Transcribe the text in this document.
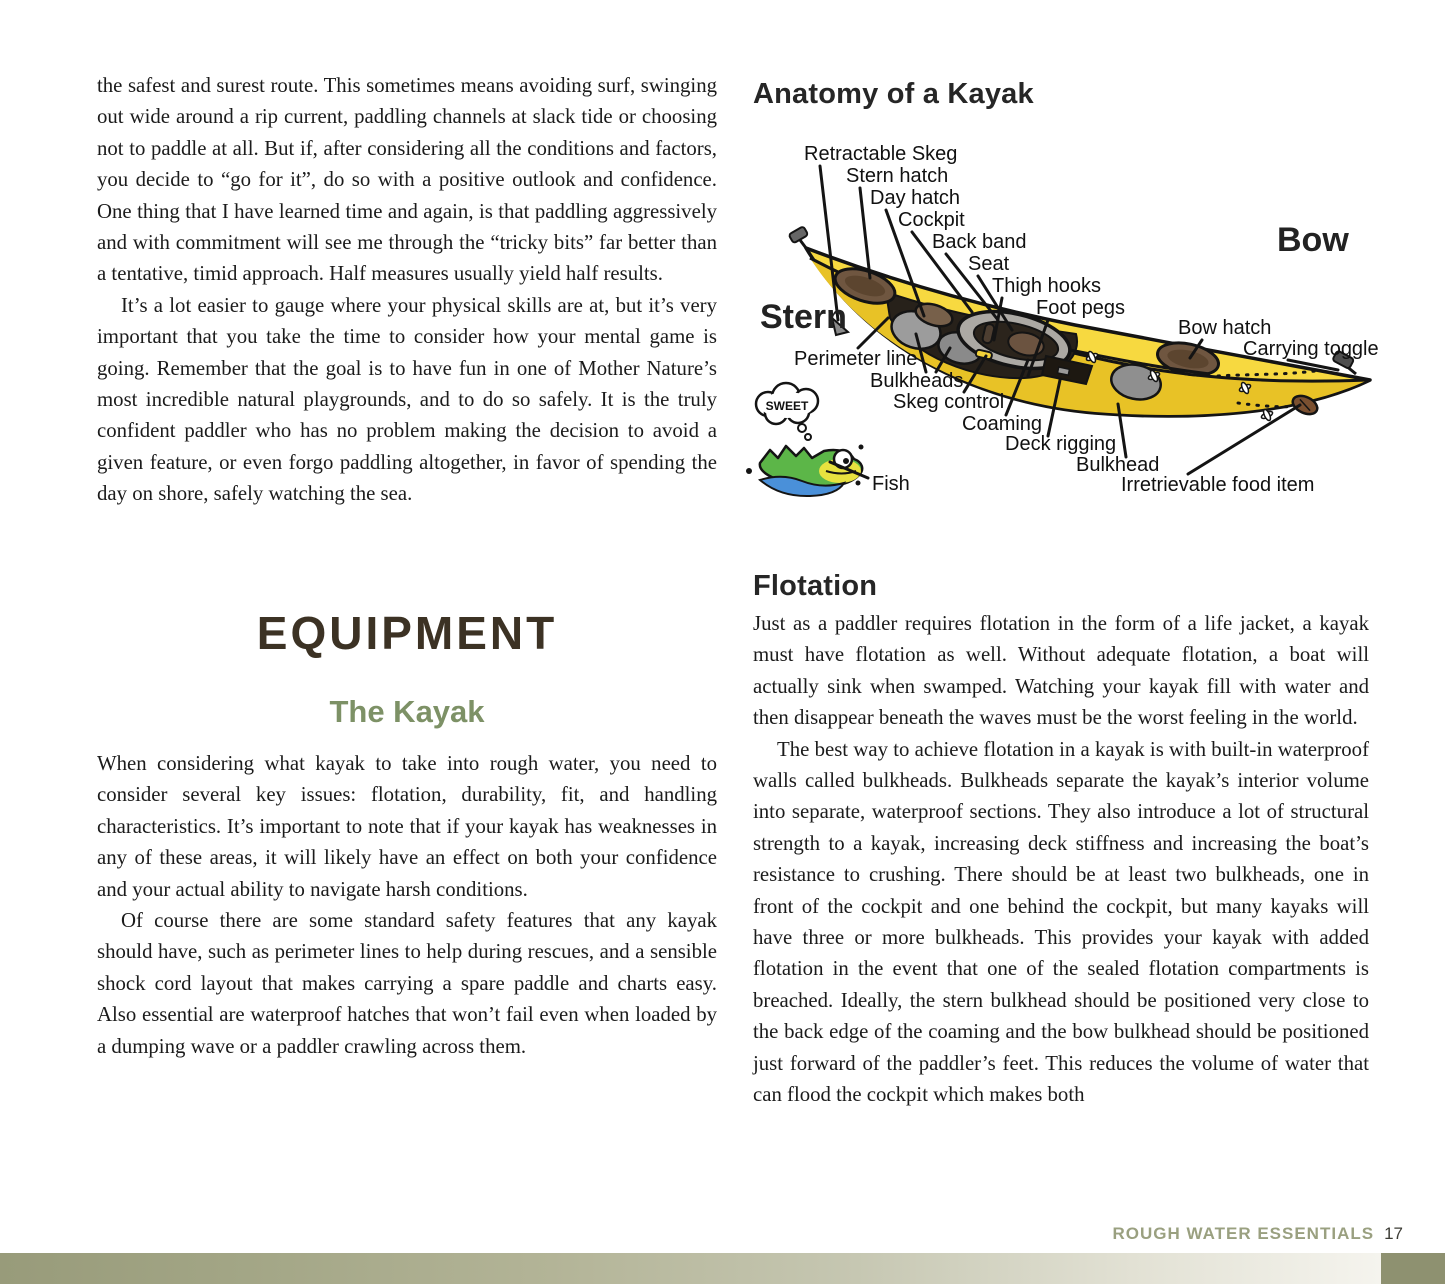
the safest and surest route. This sometimes means avoiding surf, swinging out wide around a rip current, paddling channels at slack tide or choosing not to paddle at all. But if, after considering all the conditions and factors, you decide to “go for it”, do so with a positive outlook and confidence. One thing that I have learned time and again, is that paddling aggressively and with commitment will see me through the “tricky bits” far better than a tentative, timid approach. Half measures usually yield half results.

It’s a lot easier to gauge where your physical skills are at, but it’s very important that you take the time to consider how your mental game is going. Remember that the goal is to have fun in one of Mother Nature’s most incredible natural playgrounds, and to do so safely. It is the truly confident paddler who has no problem making the decision to avoid a given feature, or even forgo paddling altogether, in favor of spending the day on shore, safely watching the sea.

EQUIPMENT
The Kayak

When considering what kayak to take into rough water, you need to consider several key issues: flotation, durability, fit, and handling characteristics. It’s important to note that if your kayak has weaknesses in any of these areas, it will likely have an effect on both your confidence and your actual ability to navigate harsh conditions.

Of course there are some standard safety features that any kayak should have, such as perimeter lines to help during rescues, and a sensible shock cord layout that makes carrying a spare paddle and charts easy. Also essential are waterproof hatches that won’t fail even when loaded by a dumping wave or a paddler crawling across them.

Anatomy of a Kayak
SWEET
Stern
Bow
Retractable Skeg
Stern hatch
Day hatch
Cockpit
Back band
Seat
Thigh hooks
Foot pegs
Bow hatch
Carrying toggle
Perimeter line
Bulkheads
Skeg control
Coaming
Deck rigging
Bulkhead
Irretrievable food item
Fish
Flotation

Just as a paddler requires flotation in the form of a life jacket, a kayak must have flotation as well. Without adequate flotation, a boat will actually sink when swamped. Watching your kayak fill with water and then disappear beneath the waves must be the worst feeling in the world.

The best way to achieve flotation in a kayak is with built-in waterproof walls called bulkheads. Bulkheads separate the kayak’s interior volume into separate, waterproof sections. They also introduce a lot of structural strength to a kayak, increasing deck stiffness and increasing the boat’s resistance to crushing. There should be at least two bulkheads, one in front of the cockpit and one behind the cockpit, but many kayaks will have three or more bulkheads. This provides your kayak with added flotation in the event that one of the sealed flotation compartments is breached. Ideally, the stern bulkhead should be positioned very close to the back edge of the coaming and the bow bulkhead should be positioned just forward of the paddler’s feet. This reduces the volume of water that can flood the cockpit which makes both

ROUGH WATER ESSENTIALS 17
